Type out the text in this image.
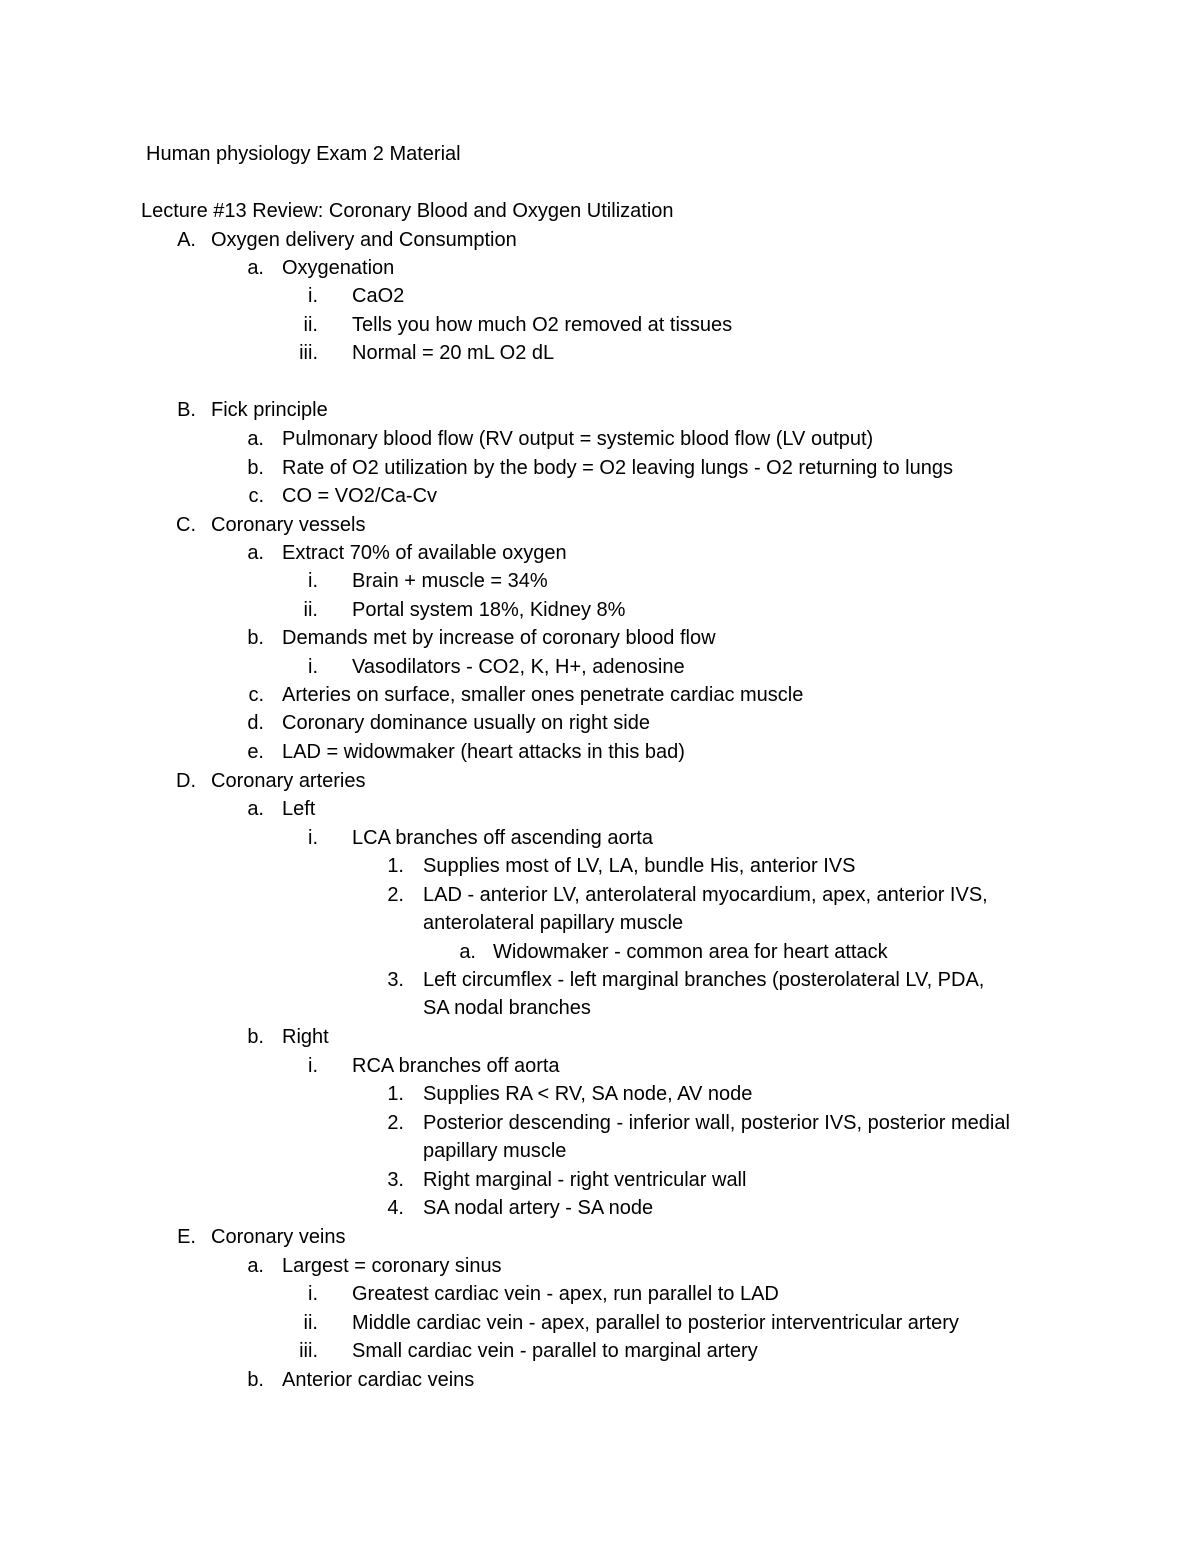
Human physiology Exam 2 Material
Lecture #13 Review: Coronary Blood and Oxygen Utilization
A. Oxygen delivery and Consumption
a. Oxygenation
i. CaO2
ii. Tells you how much O2 removed at tissues
iii. Normal = 20 mL O2 dL
B. Fick principle
a. Pulmonary blood flow (RV output = systemic blood flow (LV output)
b. Rate of O2 utilization by the body = O2 leaving lungs - O2 returning to lungs
c. CO = VO2/Ca-Cv
C. Coronary vessels
a. Extract 70% of available oxygen
i. Brain + muscle = 34%
ii. Portal system 18%, Kidney 8%
b. Demands met by increase of coronary blood flow
i. Vasodilators - CO2, K, H+, adenosine
c. Arteries on surface, smaller ones penetrate cardiac muscle
d. Coronary dominance usually on right side
e. LAD = widowmaker (heart attacks in this bad)
D. Coronary arteries
a. Left
i. LCA branches off ascending aorta
1. Supplies most of LV, LA, bundle His, anterior IVS
2. LAD - anterior LV, anterolateral myocardium, apex, anterior IVS,
anterolateral papillary muscle
a. Widowmaker - common area for heart attack
3. Left circumflex - left marginal branches (posterolateral LV, PDA,
SA nodal branches
b. Right
i. RCA branches off aorta
1. Supplies RA < RV, SA node, AV node
2. Posterior descending - inferior wall, posterior IVS, posterior medial
papillary muscle
3. Right marginal - right ventricular wall
4. SA nodal artery - SA node
E. Coronary veins
a. Largest = coronary sinus
i. Greatest cardiac vein - apex, run parallel to LAD
ii. Middle cardiac vein - apex, parallel to posterior interventricular artery
iii. Small cardiac vein - parallel to marginal artery
b. Anterior cardiac veins
